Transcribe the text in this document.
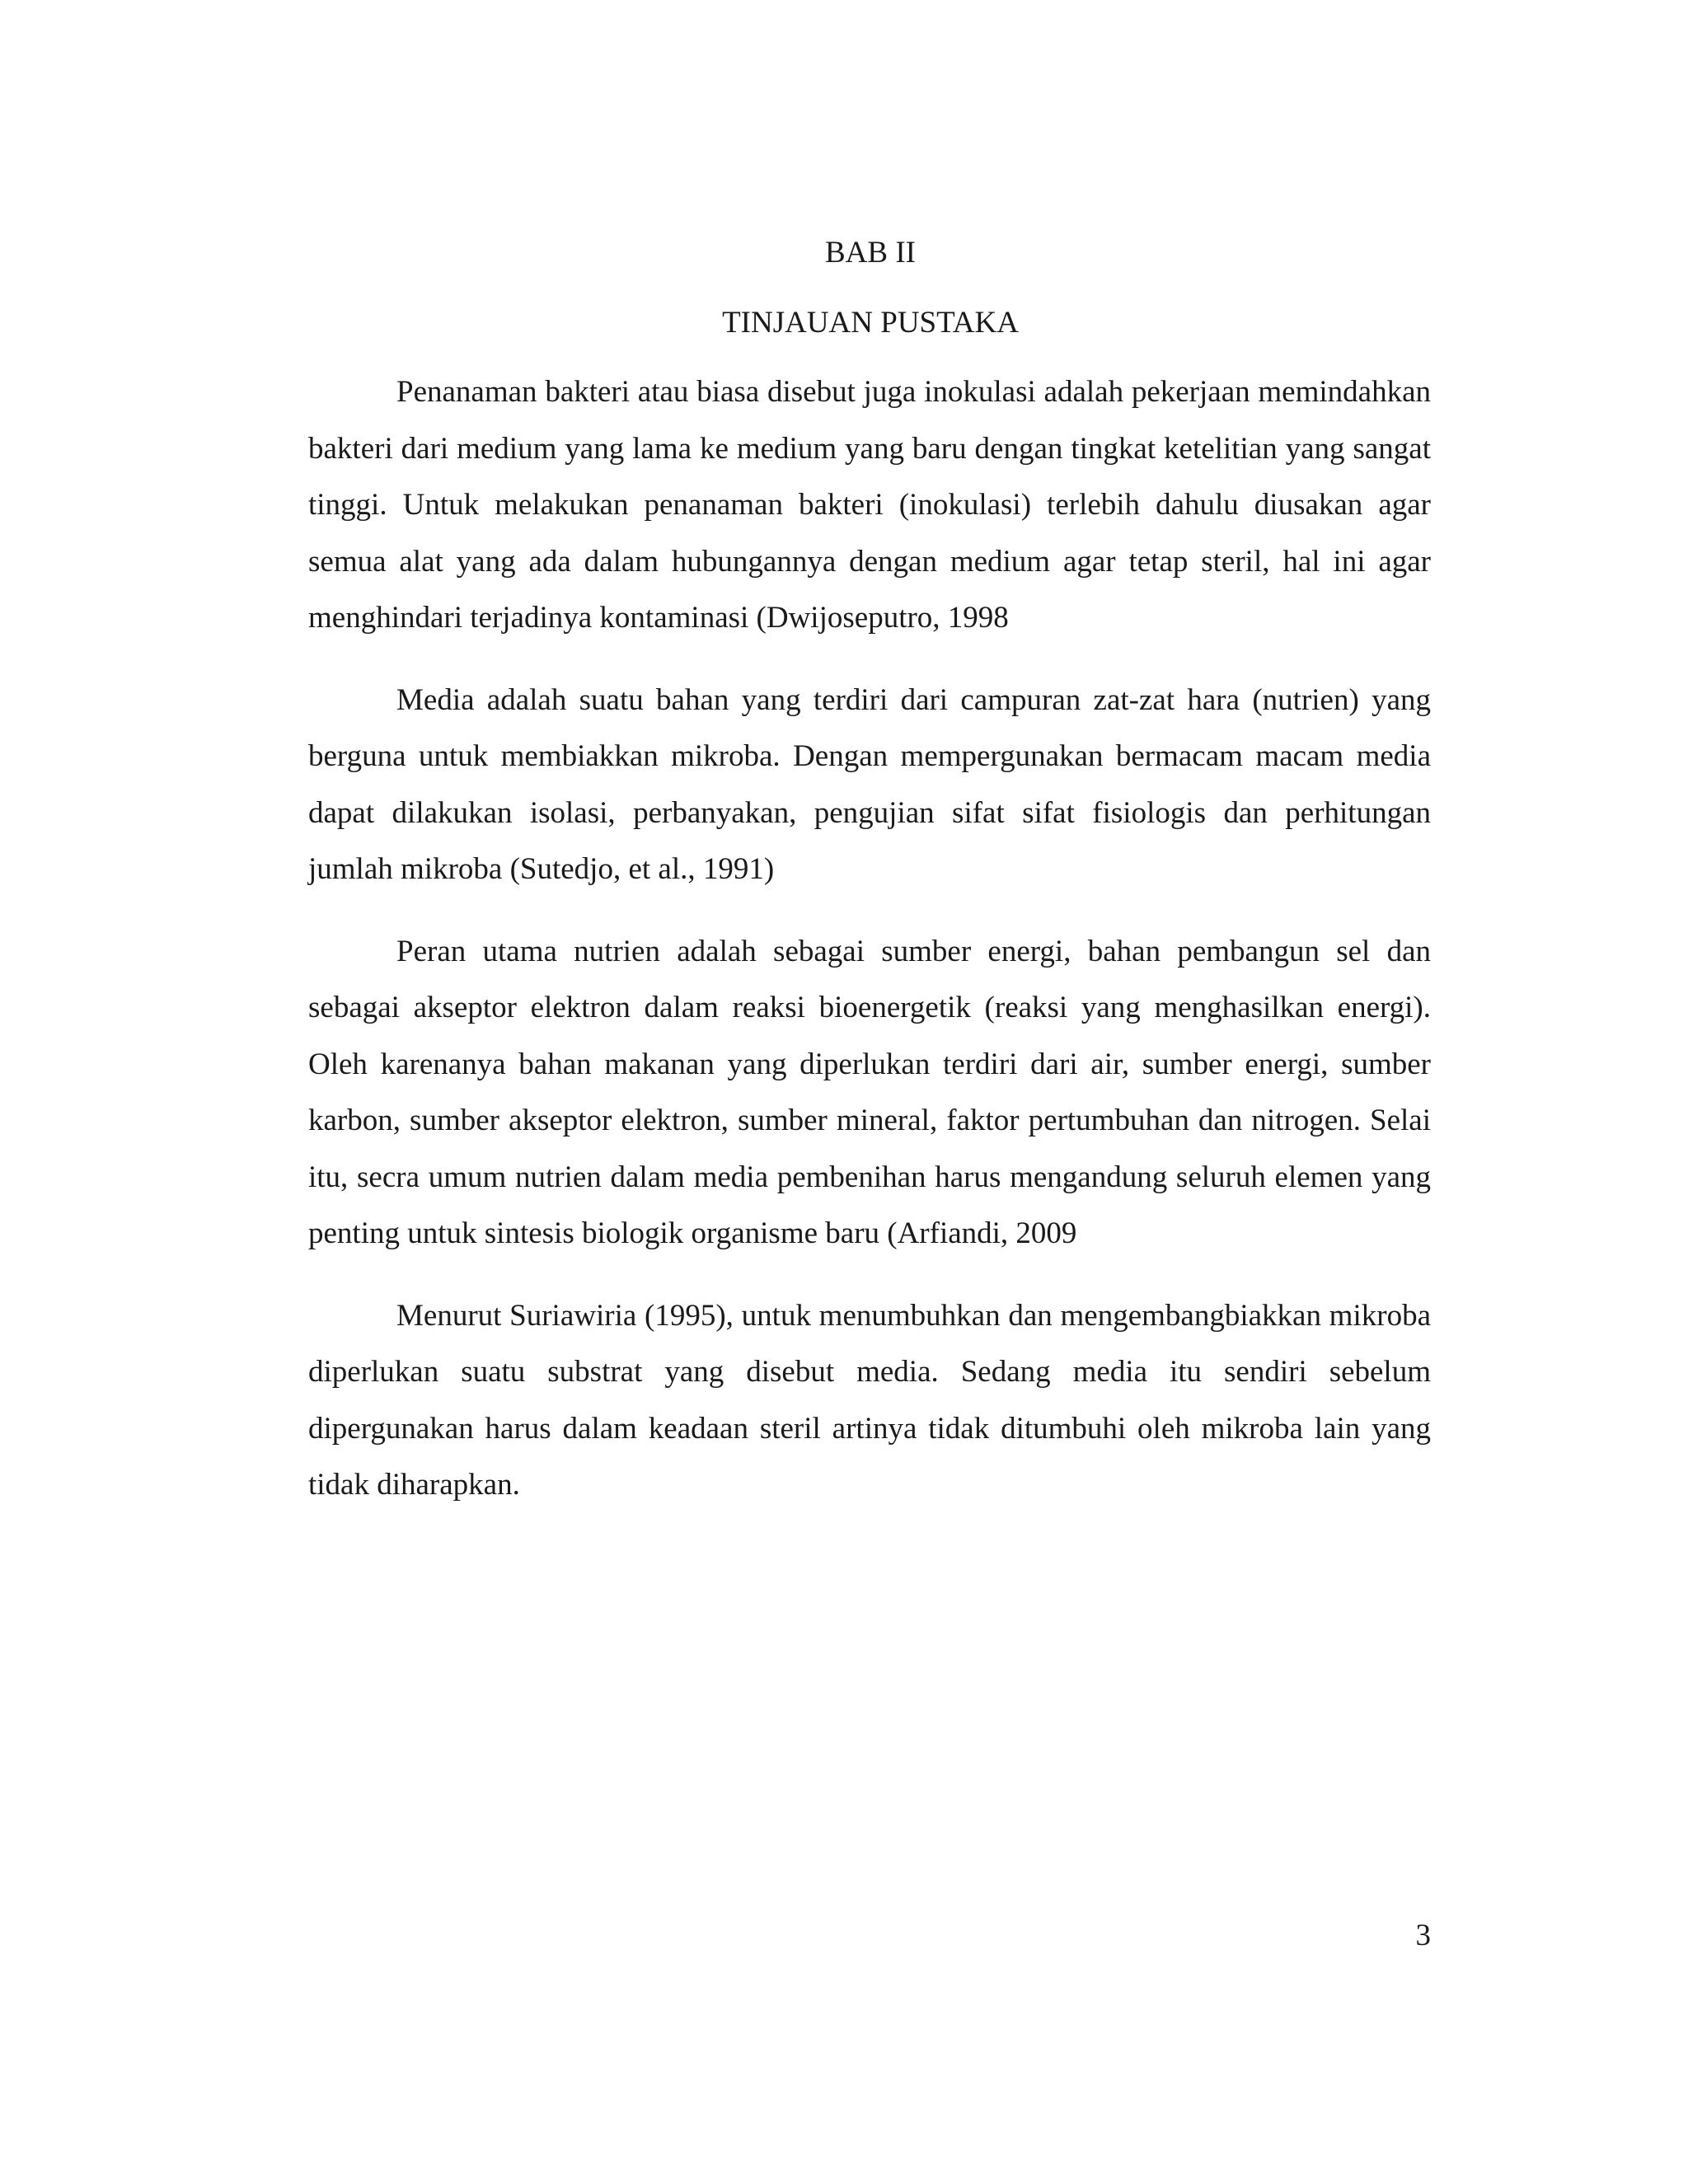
BAB II
TINJAUAN PUSTAKA

Penanaman bakteri atau biasa disebut juga inokulasi adalah pekerjaan memindahkan bakteri dari medium yang lama ke medium yang baru dengan tingkat ketelitian yang sangat tinggi. Untuk melakukan penanaman bakteri (inokulasi) terlebih dahulu diusakan agar semua alat yang ada dalam hubungannya dengan medium agar tetap steril, hal ini agar menghindari terjadinya kontaminasi (Dwijoseputro, 1998

Media adalah suatu bahan yang terdiri dari campuran zat-zat hara (nutrien) yang berguna untuk membiakkan mikroba. Dengan mempergunakan bermacam macam media dapat dilakukan isolasi, perbanyakan, pengujian sifat sifat fisiologis dan perhitungan jumlah mikroba (Sutedjo, et al., 1991)

Peran utama nutrien adalah sebagai sumber energi, bahan pembangun sel dan sebagai akseptor elektron dalam reaksi bioenergetik (reaksi yang menghasilkan energi). Oleh karenanya bahan makanan yang diperlukan terdiri dari air, sumber energi, sumber karbon, sumber akseptor elektron, sumber mineral, faktor pertumbuhan dan nitrogen. Selai itu, secra umum nutrien dalam media pembenihan harus mengandung seluruh elemen yang penting untuk sintesis biologik organisme baru (Arfiandi, 2009

Menurut Suriawiria (1995), untuk menumbuhkan dan mengembangbiakkan mikroba diperlukan suatu substrat yang disebut media. Sedang media itu sendiri sebelum dipergunakan harus dalam keadaan steril artinya tidak ditumbuhi oleh mikroba lain yang tidak diharapkan.

3
